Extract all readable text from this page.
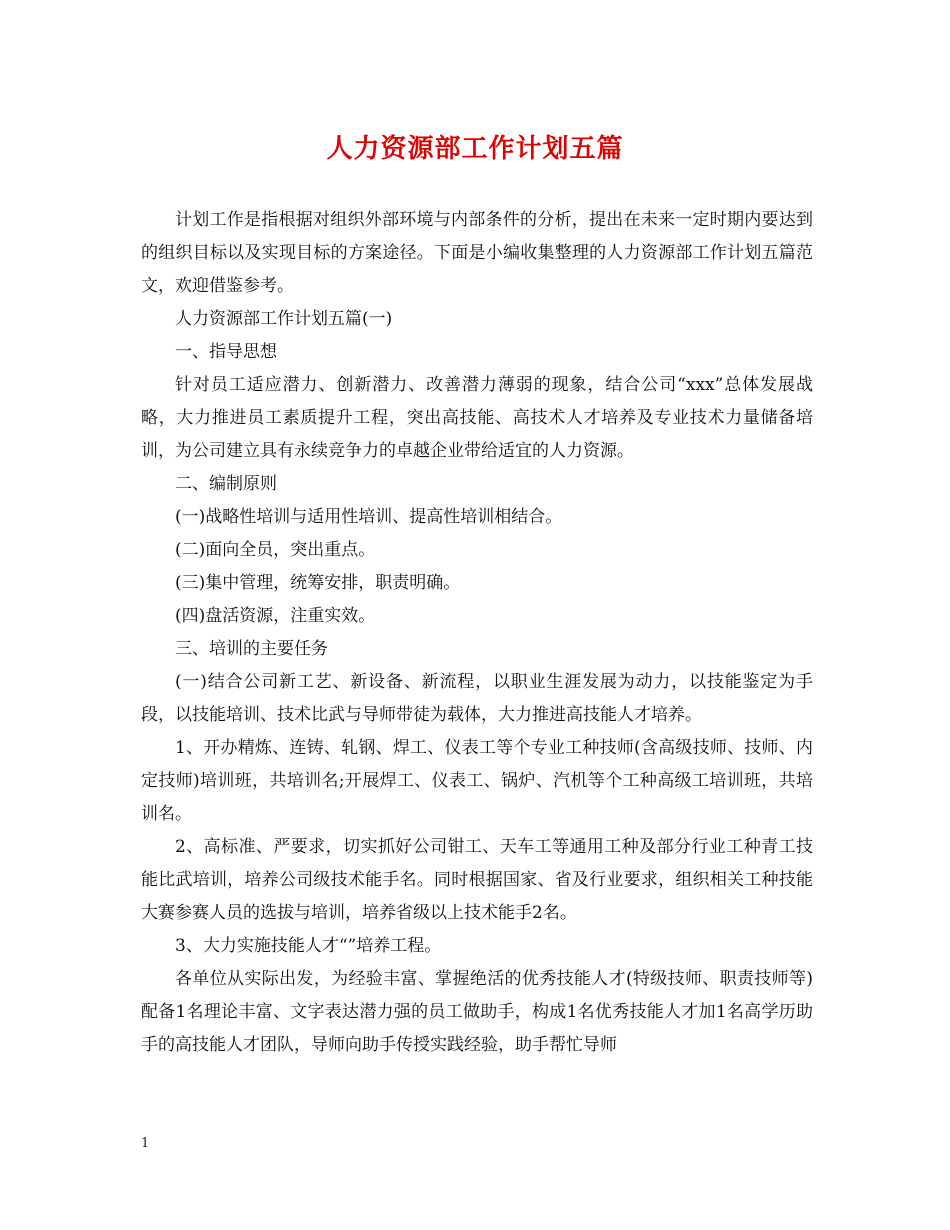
人力资源部工作计划五篇

计划工作是指根据对组织外部环境与内部条件的分析，提出在未来一定时期内要达到的组织目标以及实现目标的方案途径。下面是小编收集整理的人力资源部工作计划五篇范文，欢迎借鉴参考。

人力资源部工作计划五篇(一)

一、指导思想

针对员工适应潜力、创新潜力、改善潜力薄弱的现象，结合公司“xxx”总体发展战略，大力推进员工素质提升工程，突出高技能、高技术人才培养及专业技术力量储备培训，为公司建立具有永续竞争力的卓越企业带给适宜的人力资源。

二、编制原则

(一)战略性培训与适用性培训、提高性培训相结合。

(二)面向全员，突出重点。

(三)集中管理，统筹安排，职责明确。

(四)盘活资源，注重实效。

三、培训的主要任务

(一)结合公司新工艺、新设备、新流程，以职业生涯发展为动力，以技能鉴定为手段，以技能培训、技术比武与导师带徒为载体，大力推进高技能人才培养。

1、开办精炼、连铸、轧钢、焊工、仪表工等个专业工种技师(含高级技师、技师、内定技师)培训班，共培训名;开展焊工、仪表工、锅炉、汽机等个工种高级工培训班，共培训名。

2、高标准、严要求，切实抓好公司钳工、天车工等通用工种及部分行业工种青工技能比武培训，培养公司级技术能手名。同时根据国家、省及行业要求，组织相关工种技能大赛参赛人员的选拔与培训，培养省级以上技术能手2名。

3、大力实施技能人才“”培养工程。

各单位从实际出发，为经验丰富、掌握绝活的优秀技能人才(特级技师、职责技师等)配备1名理论丰富、文字表达潜力强的员工做助手，构成1名优秀技能人才加1名高学历助手的高技能人才团队，导师向助手传授实践经验，助手帮忙导师

1
